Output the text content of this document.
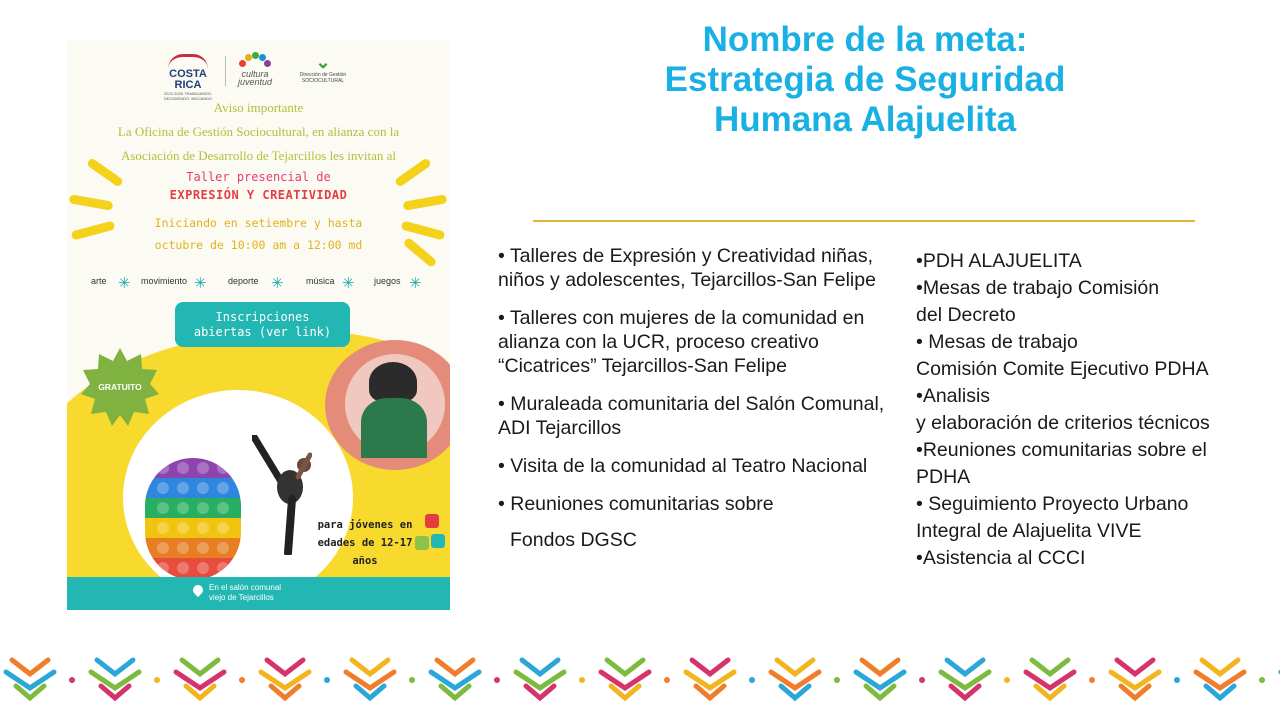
COSTA RICA
2022-2026 TRABAJANDO. DECIDIENDO. INICIANDO
cultura juventud
⌄
Dirección de Gestión SOCIOCULTURAL
Aviso importante
La Oficina de Gestión Sociocultural, en alianza con la
Asociación de Desarrollo de Tejarcillos les invitan al
Taller presencial de
EXPRESIÓN Y CREATIVIDAD
Iniciando en setiembre y hasta
octubre de 10:00 am a 12:00 md
arte ✳ movimiento ✳ deporte ✳ música ✳ juegos ✳
Inscripciones
abiertas (ver link)
GRATUITO
para jóvenes en
edades de 12-17
años
En el salón comunal
viejo de Tejarcillos
Nombre de la meta:
Estrategia de Seguridad
Humana Alajuelita
• Talleres de Expresión y Creatividad niñas, niños y adolescentes, Tejarcillos-San Felipe
• Talleres con mujeres de la comunidad en alianza con la UCR, proceso creativo “Cicatrices” Tejarcillos-San Felipe
• Muraleada comunitaria del Salón Comunal, ADI Tejarcillos
• Visita de la comunidad al Teatro Nacional
• Reuniones comunitarias sobre
Fondos DGSC
•PDH ALAJUELITA
•Mesas de trabajo Comisión
del Decreto
• Mesas de trabajo
Comisión Comite Ejecutivo PDHA
•Analisis
y elaboración de criterios técnicos
•Reuniones comunitarias sobre el
PDHA
• Seguimiento Proyecto Urbano
Integral de Alajuelita VIVE
•Asistencia al CCCI
